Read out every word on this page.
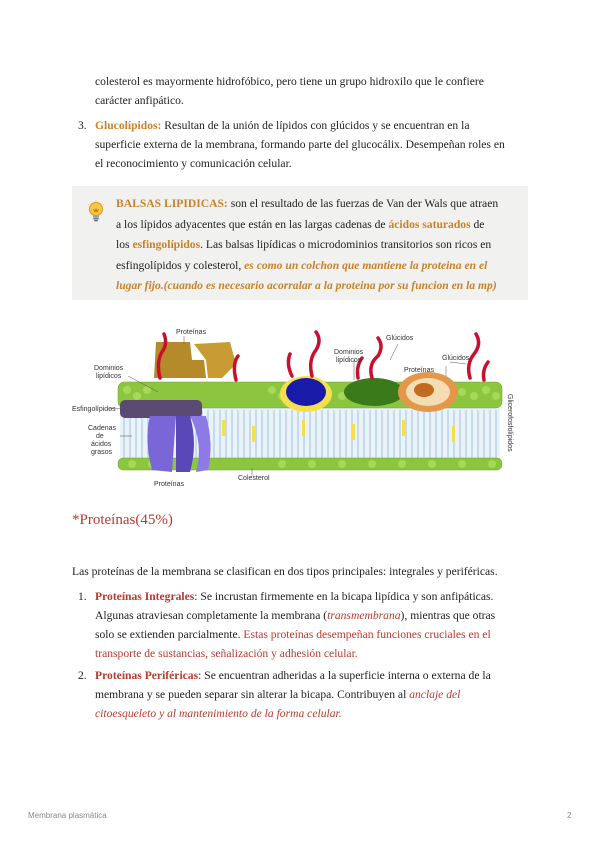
colesterol es mayormente hidrofóbico, pero tiene un grupo hidroxilo que le confiere
carácter anfipático.
3. Glucolípidos: Resultan de la unión de lípidos con glúcidos y se encuentran en la
superficie externa de la membrana, formando parte del glucocálix. Desempeñan roles en
el reconocimiento y comunicación celular.
BALSAS LIPIDICAS: son el resultado de las fuerzas de Van der Wals que atraen
a los lípidos adyacentes que están en las largas cadenas de ácidos saturados de
los esfingolípidos. Las balsas lipídicas o microdominios transitorios son ricos en
esfingolípidos y colesterol, es como un colchon que mantiene la proteina en el
lugar fijo.(cuando es necesario acorralar a la proteina por su funcion en la mp)
Proteínas
Dominios
lipídicos
Esfingolípidos
Cadenas
de
ácidos
grasos
Proteínas
Colesterol
Dominios
lipídicos
Glúcidos
Glúcidos
Proteínas
Glicerofosfolípidos
*Proteínas(45%)
Las proteínas de la membrana se clasifican en dos tipos principales: integrales y periféricas.
1. Proteínas Integrales: Se incrustan firmemente en la bicapa lipídica y son anfipáticas.
Algunas atraviesan completamente la membrana (transmembrana), mientras que otras
solo se extienden parcialmente. Estas proteínas desempeñan funciones cruciales en el
transporte de sustancias, señalización y adhesión celular.
2. Proteínas Periféricas: Se encuentran adheridas a la superficie interna o externa de la
membrana y se pueden separar sin alterar la bicapa. Contribuyen al anclaje del
citoesqueleto y al mantenimiento de la forma celular.
Membrana plasmática	2
